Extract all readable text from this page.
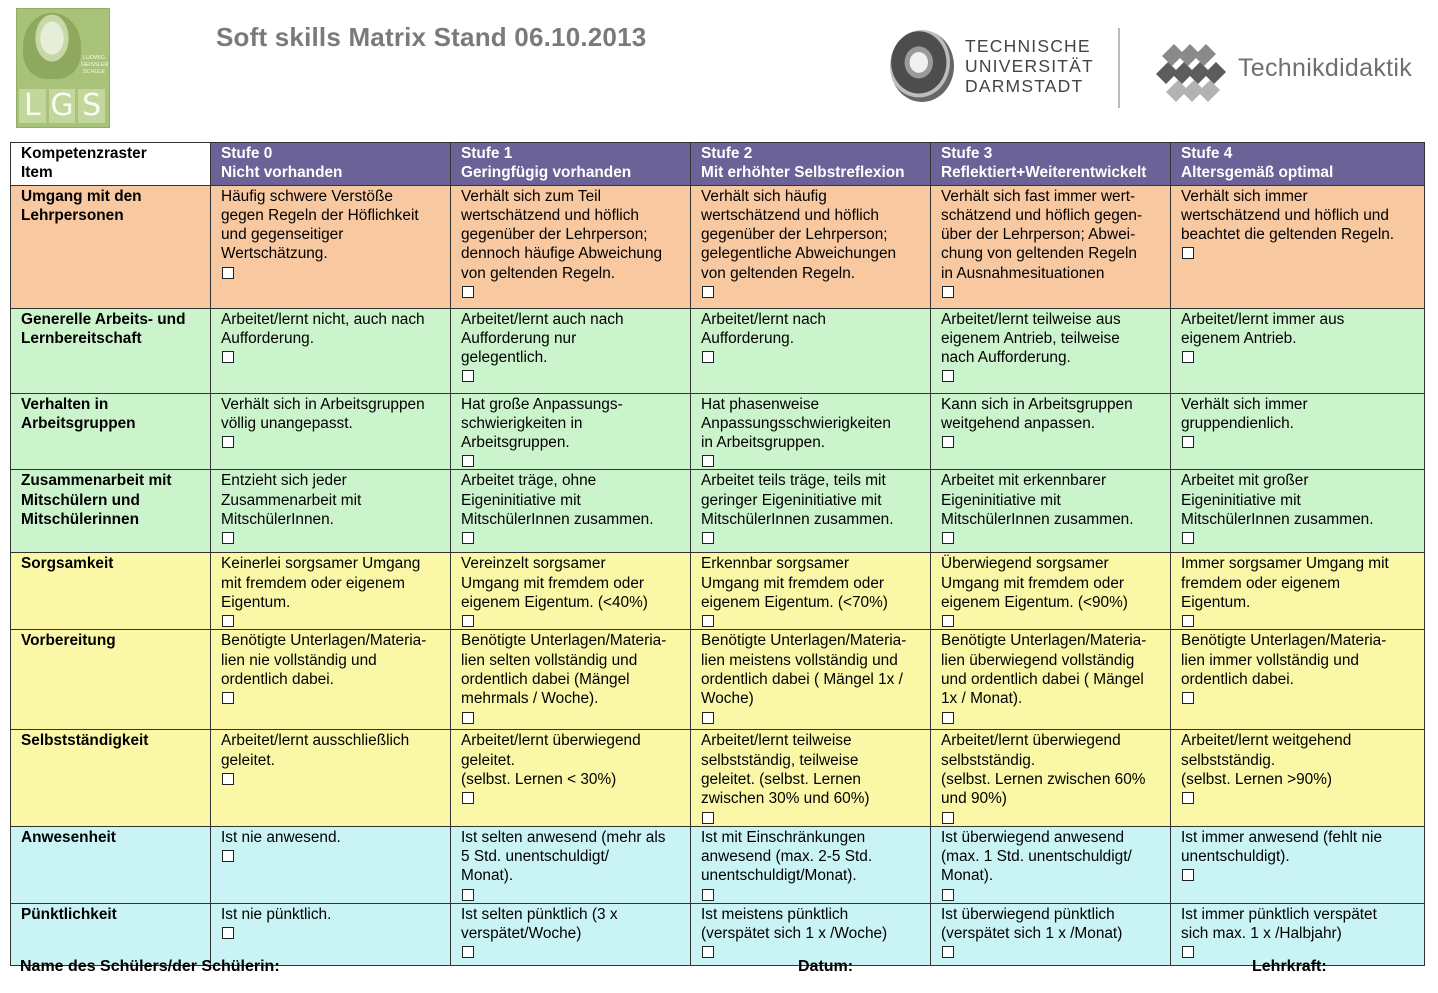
LUDWIG
GEISSLER
SCHULE
L G S
Soft skills Matrix Stand 06.10.2013	TECHNISCHE
UNIVERSITÄT
DARMSTADT
Technikdidaktik
Kompetenzraster
Item	Stufe 0
Nicht vorhanden	Stufe 1
Geringfügig vorhanden	Stufe 2
Mit erhöhter Selbstreflexion	Stufe 3
Reflektiert+Weiterentwickelt	Stufe 4
Altersgemäß optimal

Umgang mit den
Lehrpersonen	Häufig schwere Verstöße
gegen Regeln der Höflichkeit
und gegenseitiger
Wertschätzung.	Verhält sich zum Teil
wertschätzend und höflich
gegenüber der Lehrperson;
dennoch häufige Abweichung
von geltenden Regeln.	Verhält sich häufig
wertschätzend und höflich
gegenüber der Lehrperson;
gelegentliche Abweichungen
von geltenden Regeln.	Verhält sich fast immer wert-
schätzend und höflich gegen-
über der Lehrperson; Abwei-
chung von geltenden Regeln
in Ausnahmesituationen	Verhält sich immer
wertschätzend und höflich und
beachtet die geltenden Regeln.

Generelle Arbeits- und
Lernbereitschaft	Arbeitet/lernt nicht, auch nach
Aufforderung.	Arbeitet/lernt auch nach
Aufforderung nur
gelegentlich.	Arbeitet/lernt nach
Aufforderung.	Arbeitet/lernt teilweise aus
eigenem Antrieb, teilweise
nach Aufforderung.	Arbeitet/lernt immer aus
eigenem Antrieb.

Verhalten in
Arbeitsgruppen	Verhält sich in Arbeitsgruppen
völlig unangepasst.	Hat große Anpassungs-
schwierigkeiten in
Arbeitsgruppen.	Hat phasenweise
Anpassungsschwierigkeiten
in Arbeitsgruppen.	Kann sich in Arbeitsgruppen
weitgehend anpassen.	Verhält sich immer
gruppendienlich.

Zusammenarbeit mit
Mitschülern und
Mitschülerinnen	Entzieht sich jeder
Zusammenarbeit mit
MitschülerInnen.	Arbeitet träge, ohne
Eigeninitiative mit
MitschülerInnen zusammen.	Arbeitet teils träge, teils mit
geringer Eigeninitiative mit
MitschülerInnen zusammen.	Arbeitet mit erkennbarer
Eigeninitiative mit
MitschülerInnen zusammen.	Arbeitet mit großer
Eigeninitiative mit
MitschülerInnen zusammen.

Sorgsamkeit	Keinerlei sorgsamer Umgang
mit fremdem oder eigenem
Eigentum.	Vereinzelt sorgsamer
Umgang mit fremdem oder
eigenem Eigentum. (<40%)	Erkennbar sorgsamer
Umgang mit fremdem oder
eigenem Eigentum. (<70%)	Überwiegend sorgsamer
Umgang mit fremdem oder
eigenem Eigentum. (<90%)	Immer sorgsamer Umgang mit
fremdem oder eigenem
Eigentum.

Vorbereitung	Benötigte Unterlagen/Materia-
lien nie vollständig und
ordentlich dabei.	Benötigte Unterlagen/Materia-
lien selten vollständig und
ordentlich dabei (Mängel
mehrmals / Woche).	Benötigte Unterlagen/Materia-
lien meistens vollständig und
ordentlich dabei ( Mängel 1x /
Woche)	Benötigte Unterlagen/Materia-
lien überwiegend vollständig
und ordentlich dabei ( Mängel
1x / Monat).	Benötigte Unterlagen/Materia-
lien immer vollständig und
ordentlich dabei.

Selbstständigkeit	Arbeitet/lernt ausschließlich
geleitet.	Arbeitet/lernt überwiegend
geleitet.
(selbst. Lernen < 30%)	Arbeitet/lernt teilweise
selbstständig, teilweise
geleitet. (selbst. Lernen
zwischen 30% und 60%)	Arbeitet/lernt überwiegend
selbstständig.
(selbst. Lernen zwischen 60%
und 90%)	Arbeitet/lernt weitgehend
selbstständig.
(selbst. Lernen >90%)

Anwesenheit	Ist nie anwesend.	Ist selten anwesend (mehr als
5 Std. unentschuldigt/
Monat).	Ist mit Einschränkungen
anwesend (max. 2-5 Std.
unentschuldigt/Monat).	Ist überwiegend anwesend
(max. 1 Std. unentschuldigt/
Monat).	Ist immer anwesend (fehlt nie
unentschuldigt).

Pünktlichkeit	Ist nie pünktlich.	Ist selten pünktlich (3 x
verspätet/Woche)	Ist meistens pünktlich
(verspätet sich 1 x /Woche)	Ist überwiegend pünktlich
(verspätet sich 1 x /Monat)	Ist immer pünktlich verspätet
sich max. 1 x /Halbjahr)
Name des Schülers/der Schülerin:	Datum:	Lehrkraft:
